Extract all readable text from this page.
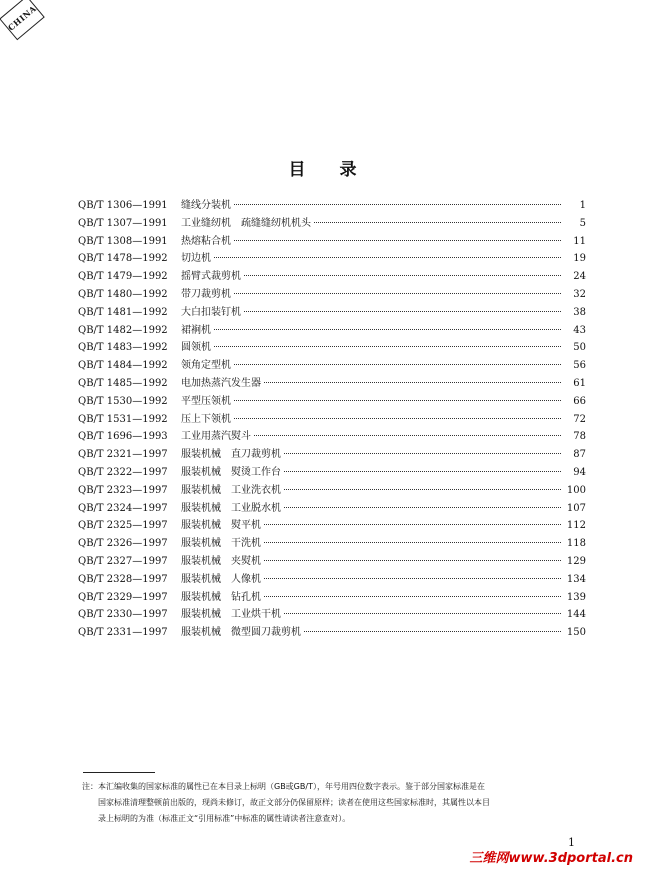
CHINA
目　　录
QB/T 1306—1991	缝线分装机	1
QB/T 1307—1991	工业缝纫机　疏缝缝纫机机头	5
QB/T 1308—1991	热熔粘合机	11
QB/T 1478—1992	切边机	19
QB/T 1479—1992	摇臂式裁剪机	24
QB/T 1480—1992	带刀裁剪机	32
QB/T 1481—1992	大白扣装钉机	38
QB/T 1482—1992	裙裥机	43
QB/T 1483—1992	圆领机	50
QB/T 1484—1992	领角定型机	56
QB/T 1485—1992	电加热蒸汽发生器	61
QB/T 1530—1992	平型压领机	66
QB/T 1531—1992	压上下领机	72
QB/T 1696—1993	工业用蒸汽熨斗	78
QB/T 2321—1997	服装机械　直刀裁剪机	87
QB/T 2322—1997	服装机械　熨烫工作台	94
QB/T 2323—1997	服装机械　工业洗衣机	100
QB/T 2324—1997	服装机械　工业脱水机	107
QB/T 2325—1997	服装机械　熨平机	112
QB/T 2326—1997	服装机械　干洗机	118
QB/T 2327—1997	服装机械　夹熨机	129
QB/T 2328—1997	服装机械　人像机	134
QB/T 2329—1997	服装机械　钻孔机	139
QB/T 2330—1997	服装机械　工业烘干机	144
QB/T 2331—1997	服装机械　微型圆刀裁剪机	150
注： 本汇编收集的国家标准的属性已在本目录上标明（GB或GB/T），年号用四位数字表示。鉴于部分国家标准是在
国家标准清理整顿前出版的，现尚未修订，故正文部分仍保留原样；读者在使用这些国家标准时，其属性以本目
录上标明的为准（标准正文“引用标准”中标准的属性请读者注意查对）。
1
三维网www.3dportal.cn
